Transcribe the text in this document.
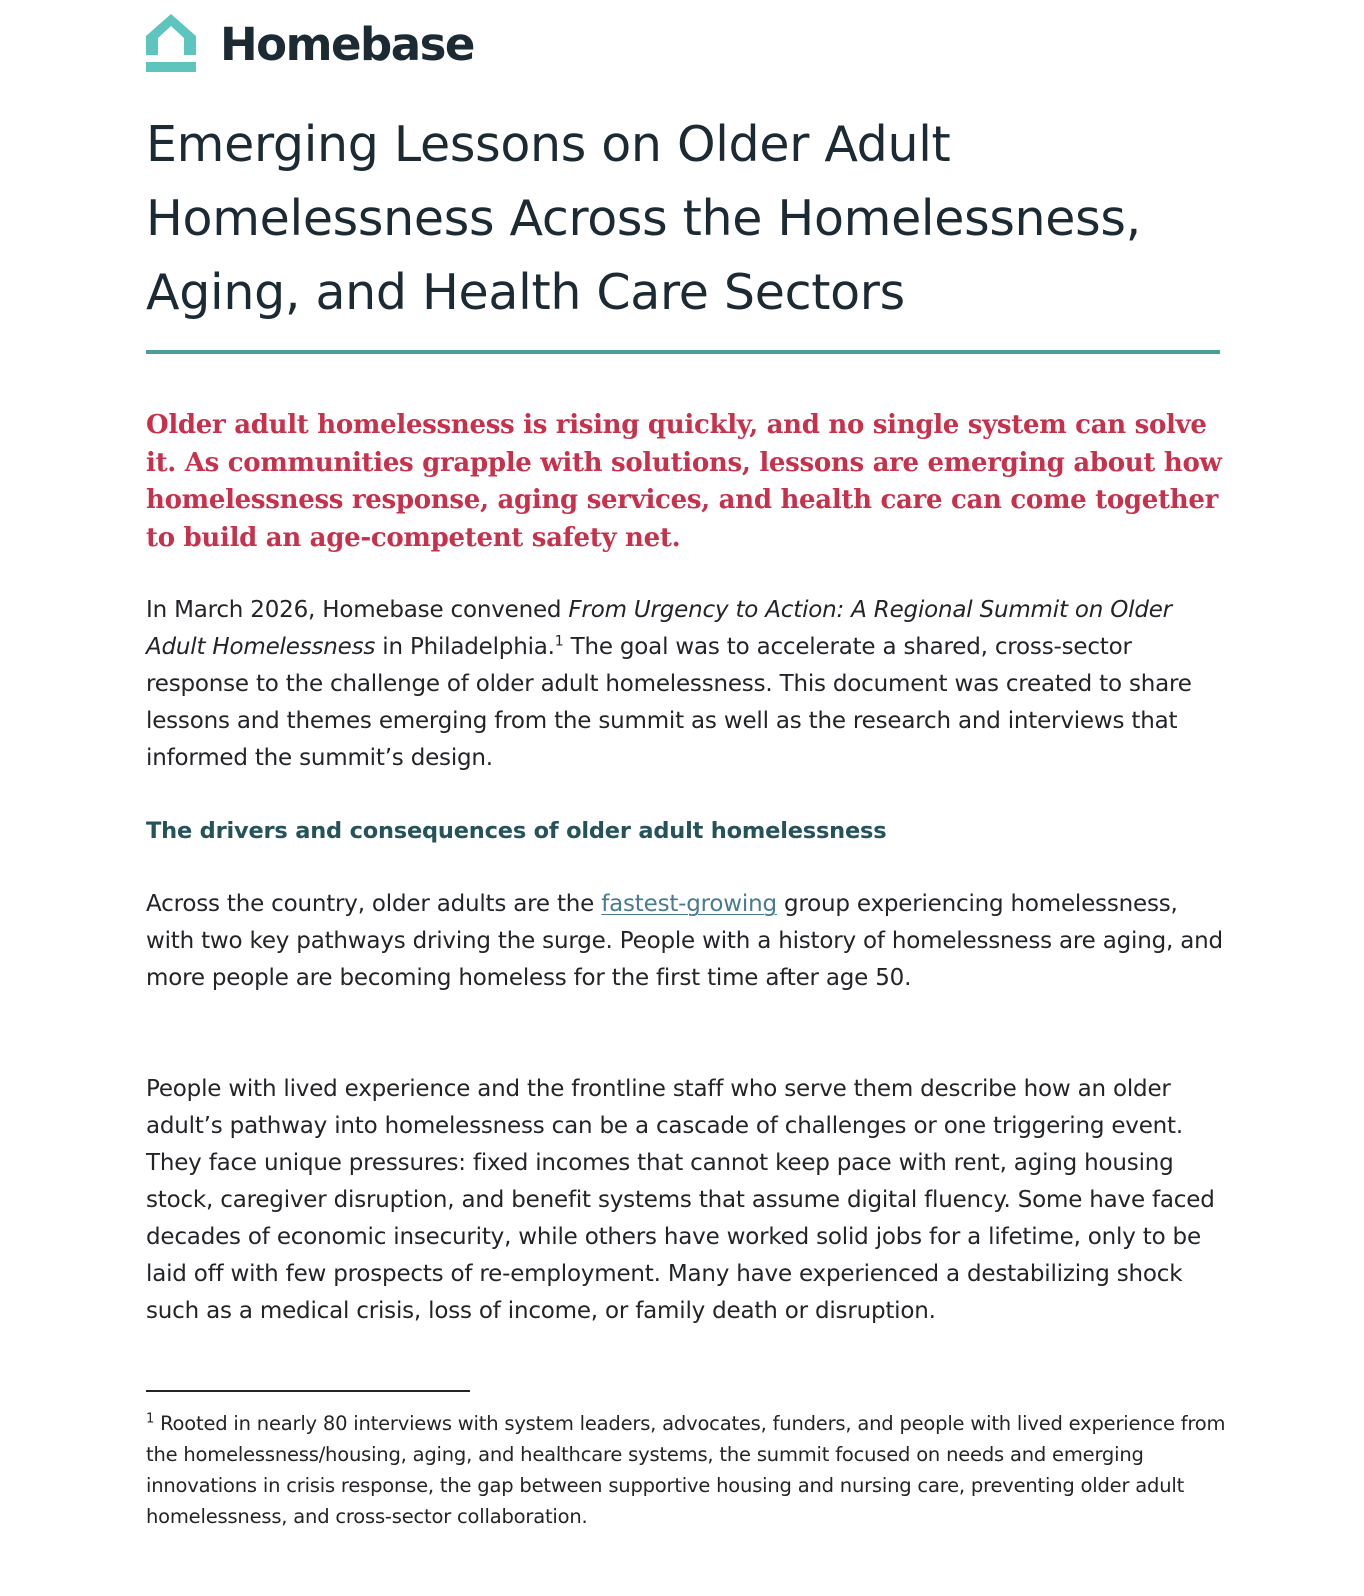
Homebase
Emerging Lessons on Older Adult Homelessness Across the Homelessness, Aging, and Health Care Sectors

Older adult homelessness is rising quickly, and no single system can solve it. As communities grapple with solutions, lessons are emerging about how homelessness response, aging services, and health care can come together to build an age-competent safety net.

In March 2026, Homebase convened From Urgency to Action: A Regional Summit on Older Adult Homelessness in Philadelphia.$^1$ The goal was to accelerate a shared, cross-sector response to the challenge of older adult homelessness. This document was created to share lessons and themes emerging from the summit as well as the research and interviews that informed the summit’s design.

The drivers and consequences of older adult homelessness

Across the country, older adults are the fastest-growing group experiencing homelessness, with two key pathways driving the surge. People with a history of homelessness are aging, and more people are becoming homeless for the first time after age 50.

People with lived experience and the frontline staff who serve them describe how an older adult’s pathway into homelessness can be a cascade of challenges or one triggering event. They face unique pressures: fixed incomes that cannot keep pace with rent, aging housing stock, caregiver disruption, and benefit systems that assume digital fluency. Some have faced decades of economic insecurity, while others have worked solid jobs for a lifetime, only to be laid off with few prospects of re-employment. Many have experienced a destabilizing shock such as a medical crisis, loss of income, or family death or disruption.

$^1$ Rooted in nearly 80 interviews with system leaders, advocates, funders, and people with lived experience from the homelessness/housing, aging, and healthcare systems, the summit focused on needs and emerging innovations in crisis response, the gap between supportive housing and nursing care, preventing older adult homelessness, and cross-sector collaboration.
